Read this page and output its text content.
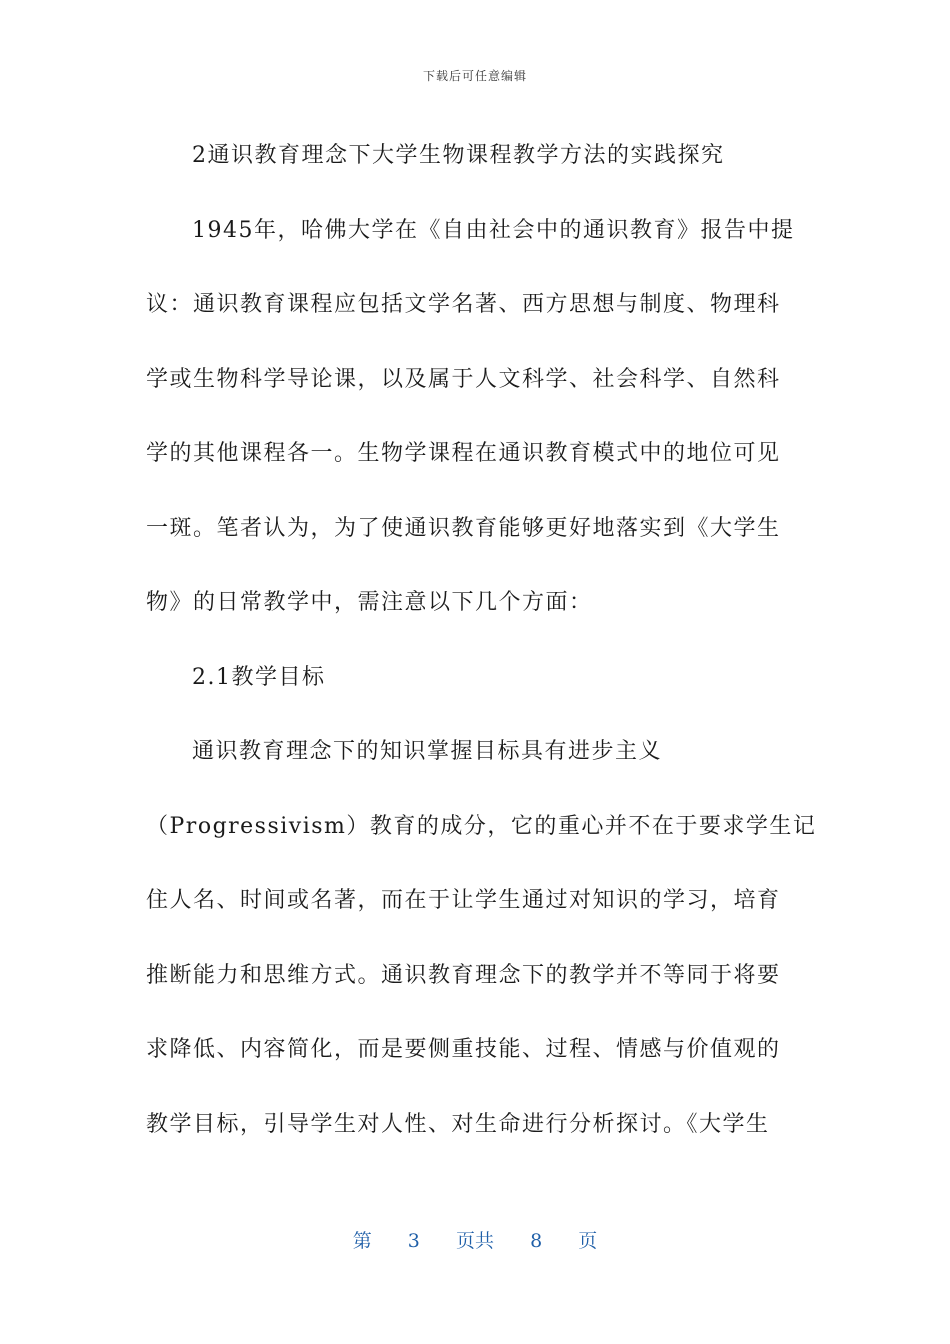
下载后可任意编辑
2通识教育理念下大学生物课程教学方法的实践探究
1945年，哈佛大学在《自由社会中的通识教育》报告中提
议：通识教育课程应包括文学名著、西方思想与制度、物理科
学或生物科学导论课，以及属于人文科学、社会科学、自然科
学的其他课程各一。生物学课程在通识教育模式中的地位可见
一斑。笔者认为，为了使通识教育能够更好地落实到《大学生
物》的日常教学中，需注意以下几个方面：
2.1教学目标
通识教育理念下的知识掌握目标具有进步主义
（Progressivism）教育的成分，它的重心并不在于要求学生记
住人名、时间或名著，而在于让学生通过对知识的学习，培育
推断能力和思维方式。通识教育理念下的教学并不等同于将要
求降低、内容简化，而是要侧重技能、过程、情感与价值观的
教学目标，引导学生对人性、对生命进行分析探讨。《大学生
第 3 页共 8 页
